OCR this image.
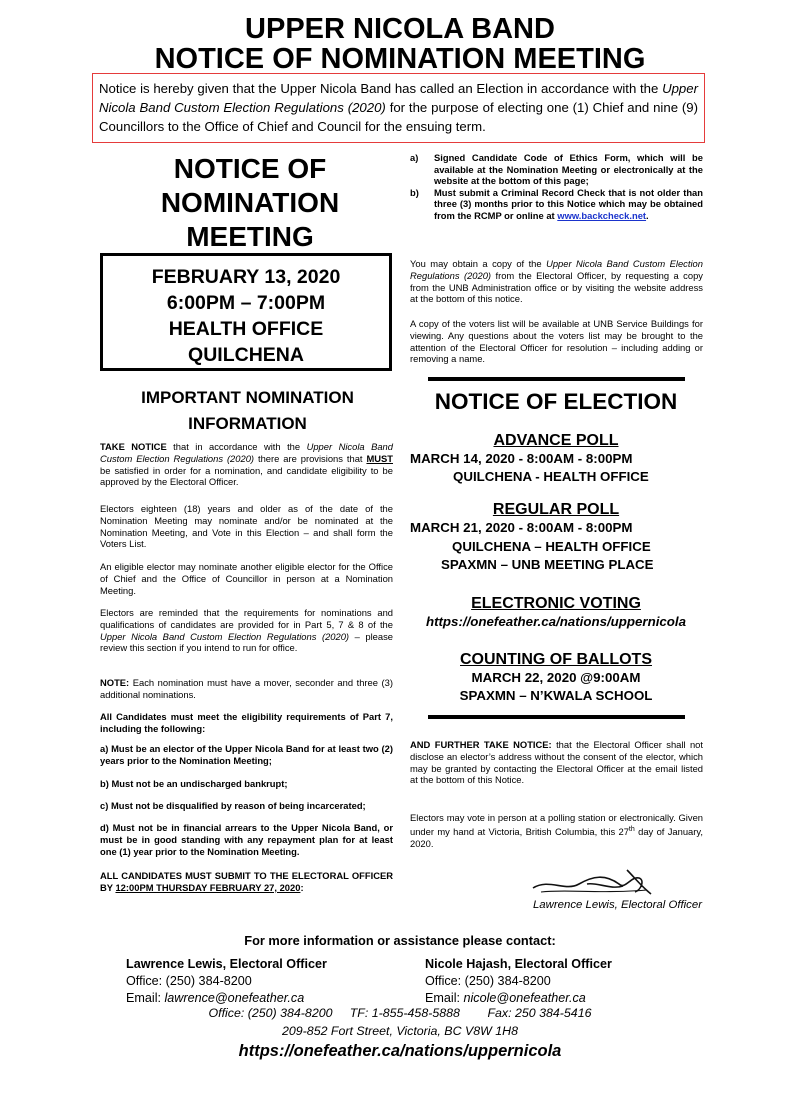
UPPER NICOLA BAND
NOTICE OF NOMINATION MEETING
Notice is hereby given that the Upper Nicola Band has called an Election in accordance with the Upper Nicola Band Custom Election Regulations (2020) for the purpose of electing one (1) Chief and nine (9) Councillors to the Office of Chief and Council for the ensuing term.
NOTICE OF
NOMINATION
MEETING
FEBRUARY 13, 2020
6:00PM – 7:00PM
HEALTH OFFICE
QUILCHENA
IMPORTANT NOMINATION
INFORMATION
TAKE NOTICE that in accordance with the Upper Nicola Band Custom Election Regulations (2020) there are provisions that MUST be satisfied in order for a nomination, and candidate eligibility to be approved by the Electoral Officer.
Electors eighteen (18) years and older as of the date of the Nomination Meeting may nominate and/or be nominated at the Nomination Meeting, and Vote in this Election – and shall form the Voters List.
An eligible elector may nominate another eligible elector for the Office of Chief and the Office of Councillor in person at a Nomination Meeting.
Electors are reminded that the requirements for nominations and qualifications of candidates are provided for in Part 5, 7 & 8 of the Upper Nicola Band Custom Election Regulations (2020) – please review this section if you intend to run for office.
NOTE: Each nomination must have a mover, seconder and three (3) additional nominations.
All Candidates must meet the eligibility requirements of Part 7, including the following:
a) Must be an elector of the Upper Nicola Band for at least two (2) years prior to the Nomination Meeting;
b) Must not be an undischarged bankrupt;
c) Must not be disqualified by reason of being incarcerated;
d) Must not be in financial arrears to the Upper Nicola Band, or must be in good standing with any repayment plan for at least one (1) year prior to the Nomination Meeting.
ALL CANDIDATES MUST SUBMIT TO THE ELECTORAL OFFICER BY 12:00PM THURSDAY FEBRUARY 27, 2020:
a)	Signed Candidate Code of Ethics Form, which will be available at the Nomination Meeting or electronically at the website at the bottom of this page;
b)	Must submit a Criminal Record Check that is not older than three (3) months prior to this Notice which may be obtained from the RCMP or online at www.backcheck.net.
You may obtain a copy of the Upper Nicola Band Custom Election Regulations (2020) from the Electoral Officer, by requesting a copy from the UNB Administration office or by visiting the website address at the bottom of this notice.
A copy of the voters list will be available at UNB Service Buildings for viewing. Any questions about the voters list may be brought to the attention of the Electoral Officer for resolution – including adding or removing a name.
NOTICE OF ELECTION
ADVANCE POLL
MARCH 14, 2020 - 8:00AM - 8:00PM
QUILCHENA - HEALTH OFFICE
REGULAR POLL
MARCH 21, 2020 - 8:00AM - 8:00PM
QUILCHENA – HEALTH OFFICE
SPAXMN – UNB MEETING PLACE
ELECTRONIC VOTING
https://onefeather.ca/nations/uppernicola
COUNTING OF BALLOTS
MARCH 22, 2020 @9:00AM
SPAXMN – N’KWALA SCHOOL
AND FURTHER TAKE NOTICE: that the Electoral Officer shall not disclose an elector’s address without the consent of the elector, which may be granted by contacting the Electoral Officer at the email listed at the bottom of this Notice.
Electors may vote in person at a polling station or electronically. Given under my hand at Victoria, British Columbia, this 27th day of January, 2020.
Lawrence Lewis, Electoral Officer
For more information or assistance please contact:
Lawrence Lewis, Electoral Officer
Office: (250) 384-8200
Email: lawrence@onefeather.ca
Nicole Hajash, Electoral Officer
Office: (250) 384-8200
Email: nicole@onefeather.ca
Office: (250) 384-8200     TF: 1-855-458-5888        Fax: 250 384-5416
209-852 Fort Street, Victoria, BC V8W 1H8
https://onefeather.ca/nations/uppernicola
